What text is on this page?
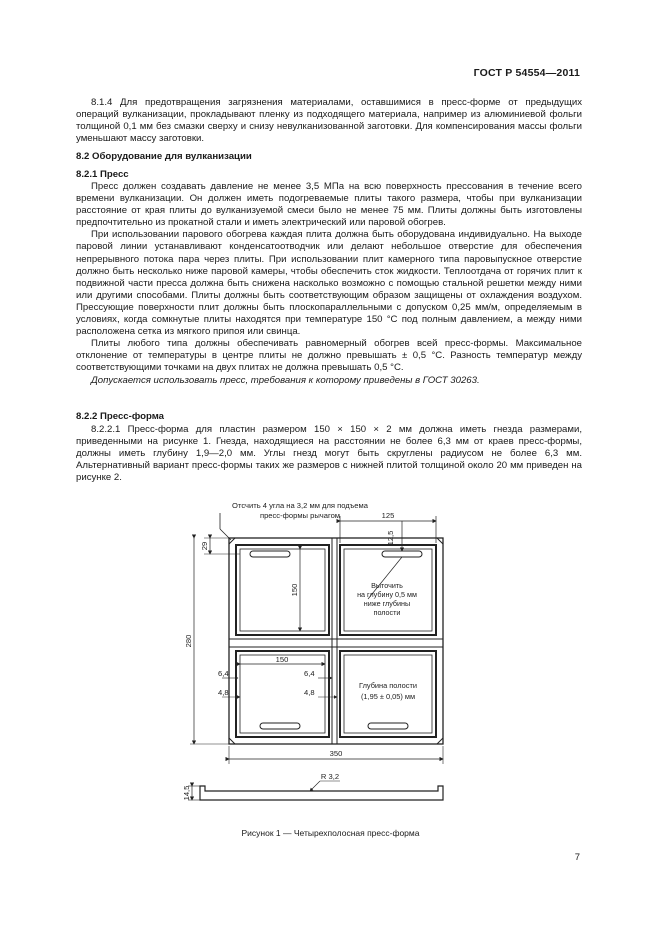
ГОСТ Р 54554—2011

8.1.4 Для предотвращения загрязнения материалами, оставшимися в пресс-форме от предыдущих операций вулканизации, прокладывают пленку из подходящего материала, например из алюминиевой фольги толщиной 0,1 мм без смазки сверху и снизу невулканизованной заготовки. Для компенсирования массы фольги уменьшают массу заготовки.

8.2 Оборудование для вулканизации

8.2.1 Пресс

Пресс должен создавать давление не менее 3,5 МПа на всю поверхность прессования в течение всего времени вулканизации. Он должен иметь подогреваемые плиты такого размера, чтобы при вулканизации расстояние от края плиты до вулканизуемой смеси было не менее 75 мм. Плиты должны быть изготовлены предпочтительно из прокатной стали и иметь электрический или паровой обогрев.

При использовании парового обогрева каждая плита должна быть оборудована индивидуально. На выходе паровой линии устанавливают конденсатоотводчик или делают небольшое отверстие для обеспечения непрерывного потока пара через плиты. При использовании плит камерного типа паровыпускное отверстие должно быть несколько ниже паровой камеры, чтобы обеспечить сток жидкости. Теплоотдача от горячих плит к подвижной части пресса должна быть снижена насколько возможно с помощью стальной решетки между ними или другими способами. Плиты должны быть соответствующим образом защищены от охлаждения воздухом. Прессующие поверхности плит должны быть плоскопараллельными с допуском 0,25 мм/м, определяемым в условиях, когда сомкнутые плиты находятся при температуре 150 °С под полным давлением, а между ними расположена сетка из мягкого припоя или свинца.

Плиты любого типа должны обеспечивать равномерный обогрев всей пресс-формы. Максимальное отклонение от температуры в центре плиты не должно превышать ± 0,5 °С. Разность температур между соответствующими точками на двух плитах не должна превышать 0,5 °С.

Допускается использовать пресс, требования к которому приведены в ГОСТ 30263.

8.2.2 Пресс-форма

8.2.2.1 Пресс-форма для пластин размером 150 × 150 × 2 мм должна иметь гнезда размерами, приведенными на рисунке 1. Гнезда, находящиеся на расстоянии не более 6,3 мм от краев пресс-формы, должны иметь глубину 1,9—2,0 мм. Углы гнезд могут быть скруглены радиусом не более 6,3 мм. Альтернативный вариант пресс-формы таких же размеров с нижней плитой толщиной около 20 мм приведен на рисунке 2.

Отсчить 4 угла на 3,2 мм для подъема
пресс-формы рычагом	125
12,5
Выточить
на глубину 0,5 мм
ниже глубины
полости
29
280
150
150
6,4
4,8
6,4
4,8
Глубина полости
(1,95 ± 0,05) мм
350
14,5
R 3,2
Рисунок 1 — Четырехполосная пресс-форма
7
